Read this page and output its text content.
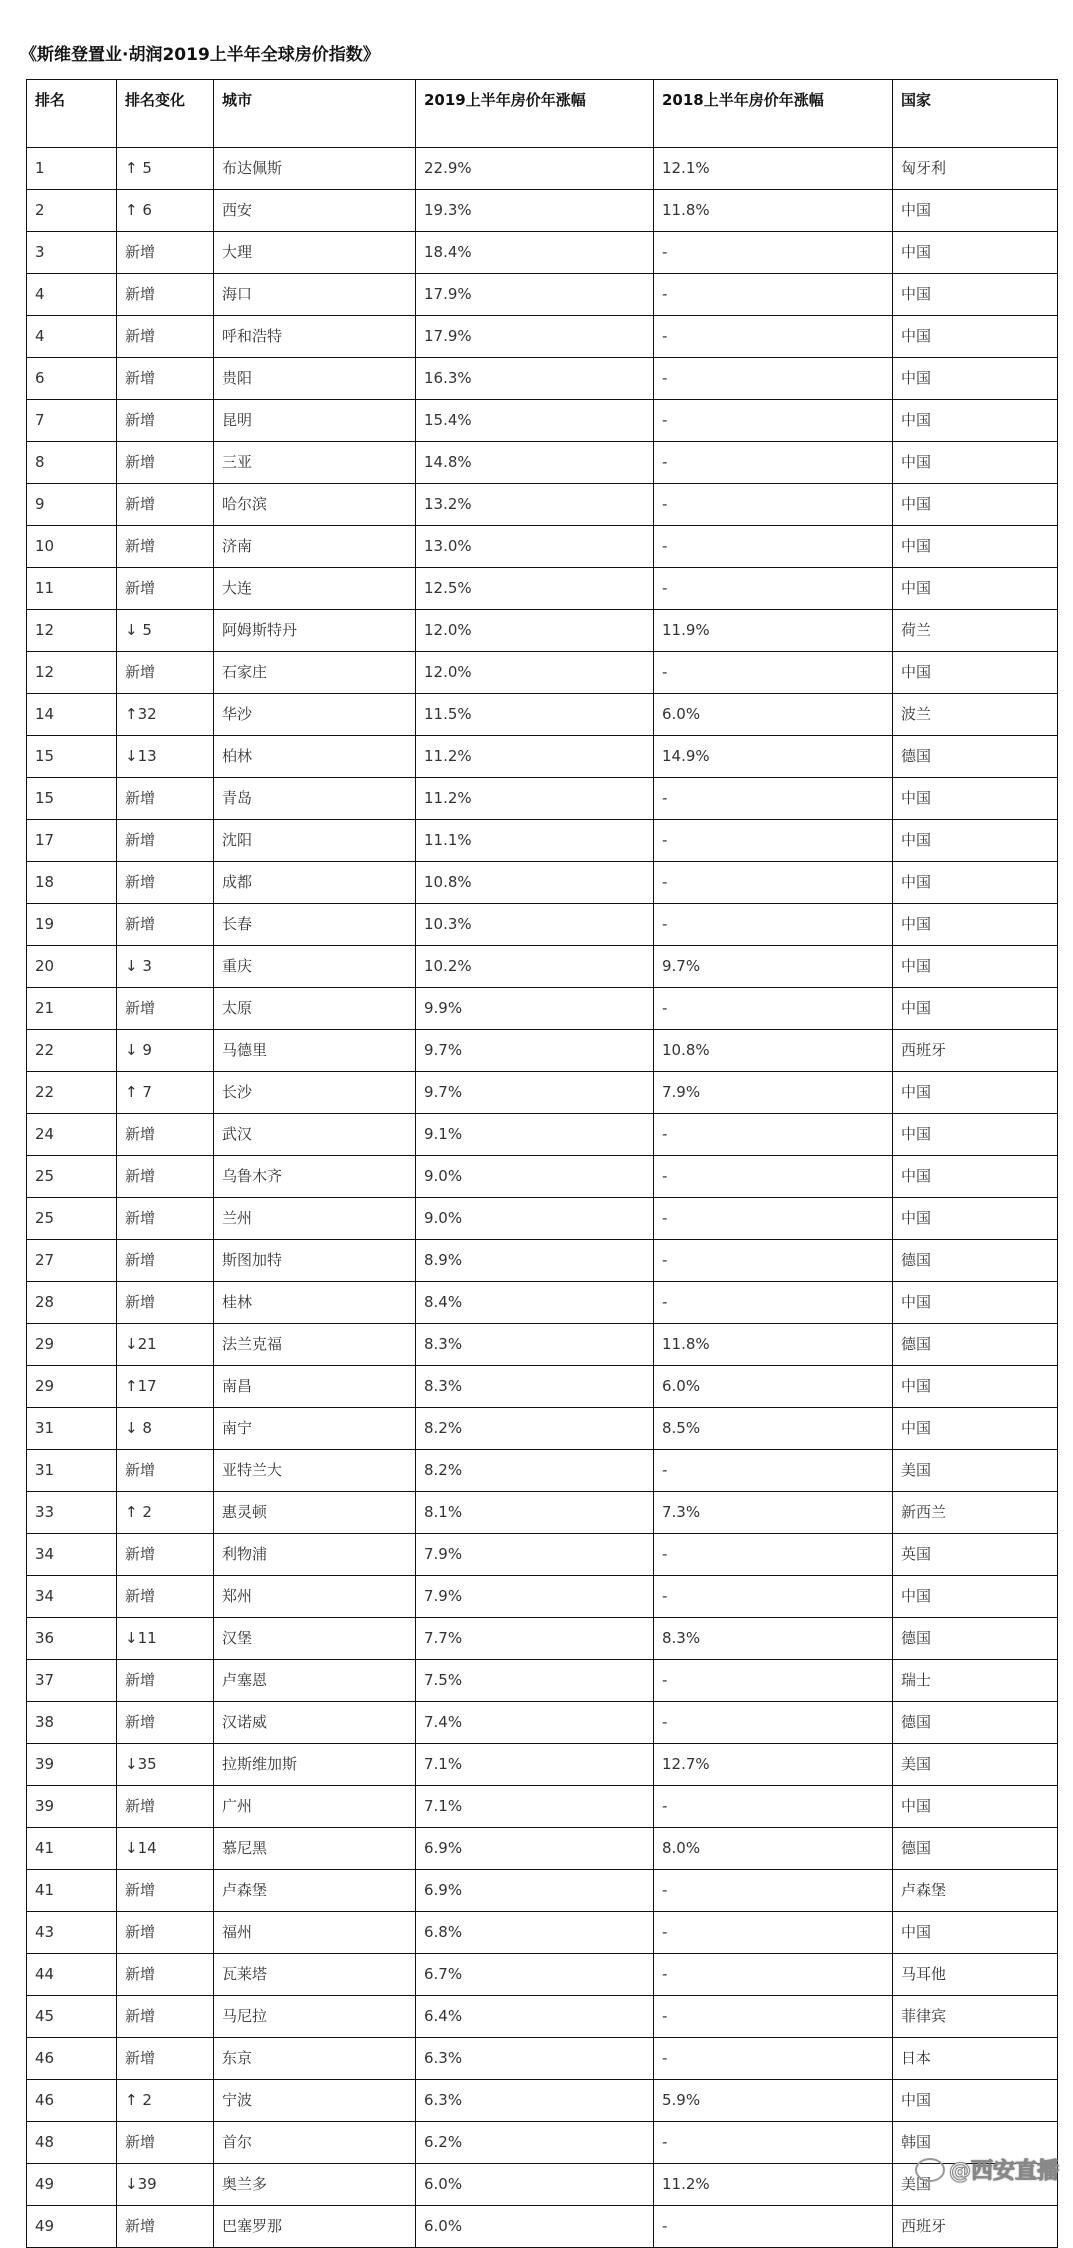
《斯维登置业·胡润2019上半年全球房价指数》
排名	排名变化	城市	2019上半年房价年涨幅	2018上半年房价年涨幅	国家
1	↑ 5	布达佩斯	22.9%	12.1%	匈牙利
2	↑ 6	西安	19.3%	11.8%	中国
3	新增	大理	18.4%	-	中国
4	新增	海口	17.9%	-	中国
4	新增	呼和浩特	17.9%	-	中国
6	新增	贵阳	16.3%	-	中国
7	新增	昆明	15.4%	-	中国
8	新增	三亚	14.8%	-	中国
9	新增	哈尔滨	13.2%	-	中国
10	新增	济南	13.0%	-	中国
11	新增	大连	12.5%	-	中国
12	↓ 5	阿姆斯特丹	12.0%	11.9%	荷兰
12	新增	石家庄	12.0%	-	中国
14	↑32	华沙	11.5%	6.0%	波兰
15	↓13	柏林	11.2%	14.9%	德国
15	新增	青岛	11.2%	-	中国
17	新增	沈阳	11.1%	-	中国
18	新增	成都	10.8%	-	中国
19	新增	长春	10.3%	-	中国
20	↓ 3	重庆	10.2%	9.7%	中国
21	新增	太原	9.9%	-	中国
22	↓ 9	马德里	9.7%	10.8%	西班牙
22	↑ 7	长沙	9.7%	7.9%	中国
24	新增	武汉	9.1%	-	中国
25	新增	乌鲁木齐	9.0%	-	中国
25	新增	兰州	9.0%	-	中国
27	新增	斯图加特	8.9%	-	德国
28	新增	桂林	8.4%	-	中国
29	↓21	法兰克福	8.3%	11.8%	德国
29	↑17	南昌	8.3%	6.0%	中国
31	↓ 8	南宁	8.2%	8.5%	中国
31	新增	亚特兰大	8.2%	-	美国
33	↑ 2	惠灵顿	8.1%	7.3%	新西兰
34	新增	利物浦	7.9%	-	英国
34	新增	郑州	7.9%	-	中国
36	↓11	汉堡	7.7%	8.3%	德国
37	新增	卢塞恩	7.5%	-	瑞士
38	新增	汉诺威	7.4%	-	德国
39	↓35	拉斯维加斯	7.1%	12.7%	美国
39	新增	广州	7.1%	-	中国
41	↓14	慕尼黑	6.9%	8.0%	德国
41	新增	卢森堡	6.9%	-	卢森堡
43	新增	福州	6.8%	-	中国
44	新增	瓦莱塔	6.7%	-	马耳他
45	新增	马尼拉	6.4%	-	菲律宾
46	新增	东京	6.3%	-	日本
46	↑ 2	宁波	6.3%	5.9%	中国
48	新增	首尔	6.2%	-	韩国
49	↓39	奥兰多	6.0%	11.2%	美国
49	新增	巴塞罗那	6.0%	-	西班牙
@西安直播
